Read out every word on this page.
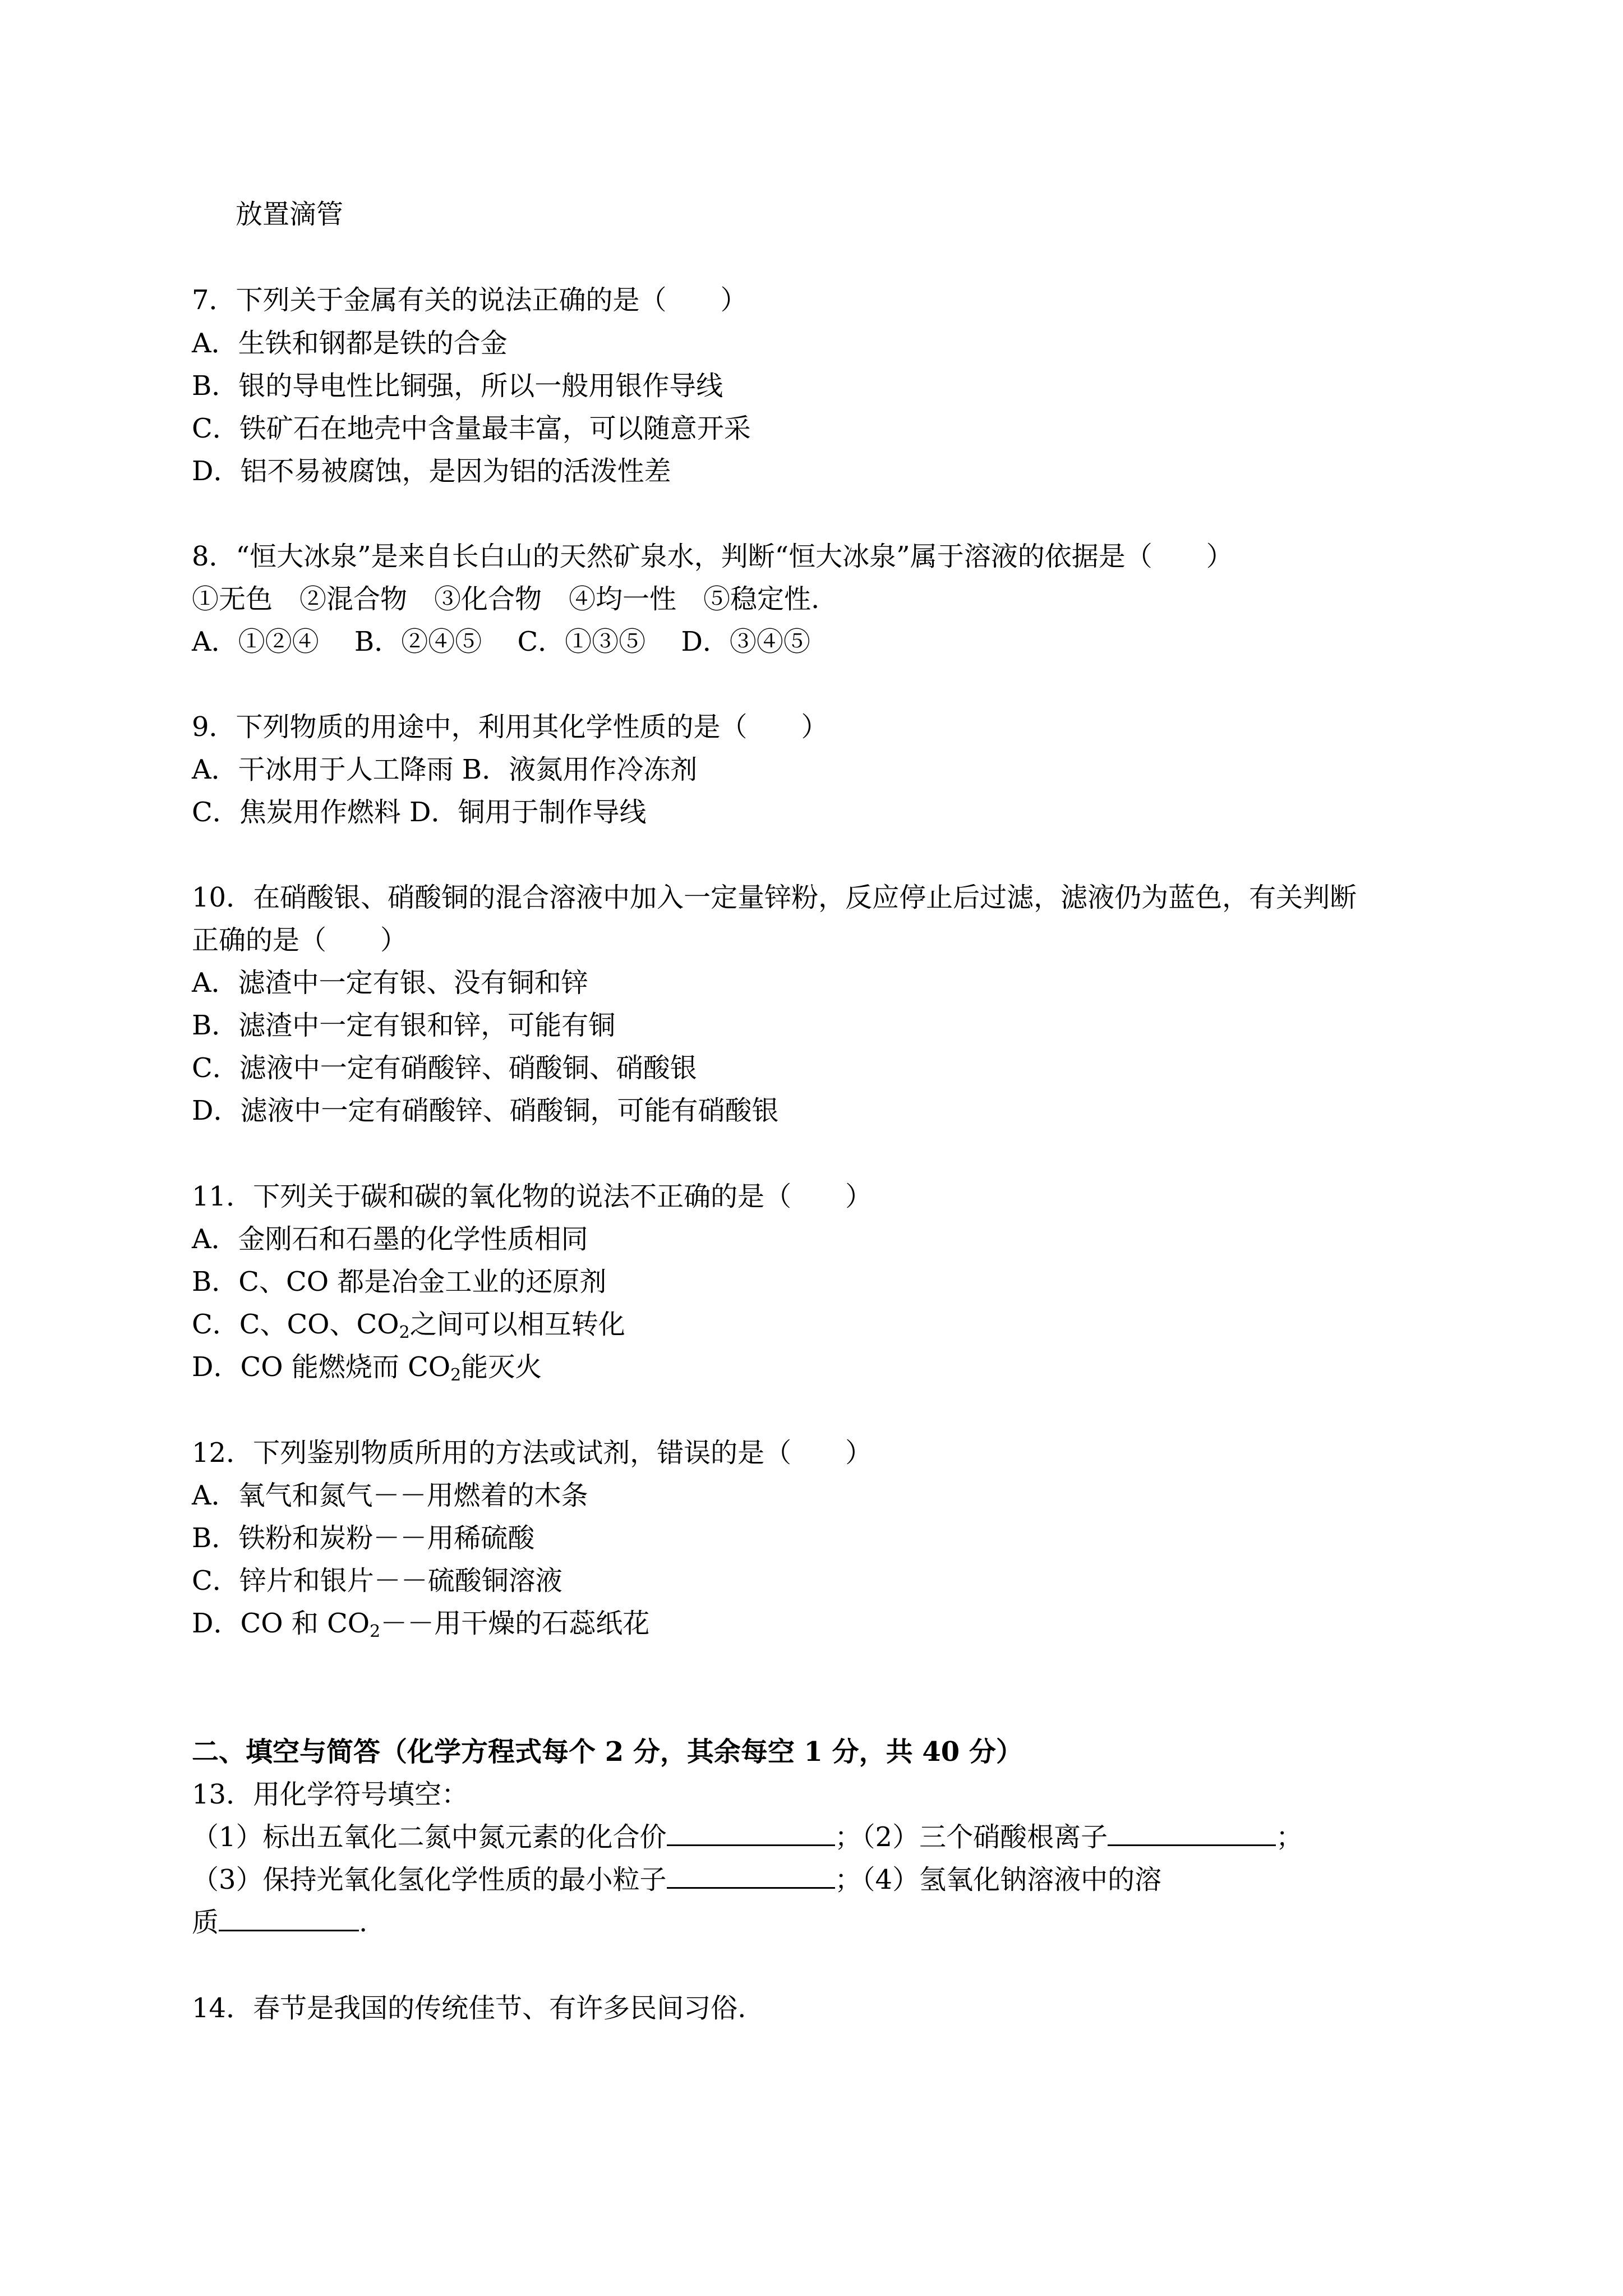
放置滴管
7．下列关于金属有关的说法正确的是（　　）
A．生铁和钢都是铁的合金
B．银的导电性比铜强，所以一般用银作导线
C．铁矿石在地壳中含量最丰富，可以随意开采
D．铝不易被腐蚀，是因为铝的活泼性差
8．“恒大冰泉”是来自长白山的天然矿泉水，判断“恒大冰泉”属于溶液的依据是（　　）
①无色　②混合物　③化合物　④均一性　⑤稳定性.
A．①②④　 B．②④⑤　 C．①③⑤　 D．③④⑤
9．下列物质的用途中，利用其化学性质的是（　　）
A．干冰用于人工降雨 B．液氮用作冷冻剂
C．焦炭用作燃料 D．铜用于制作导线
10．在硝酸银、硝酸铜的混合溶液中加入一定量锌粉，反应停止后过滤，滤液仍为蓝色，有关判断
正确的是（　　）
A．滤渣中一定有银、没有铜和锌
B．滤渣中一定有银和锌，可能有铜
C．滤液中一定有硝酸锌、硝酸铜、硝酸银
D．滤液中一定有硝酸锌、硝酸铜，可能有硝酸银
11．下列关于碳和碳的氧化物的说法不正确的是（　　）
A．金刚石和石墨的化学性质相同
B．C、CO 都是冶金工业的还原剂
C．C、CO、$CO_2$之间可以相互转化
D．CO 能燃烧而 $CO_2$能灭火
12．下列鉴别物质所用的方法或试剂，错误的是（　　）
A．氧气和氮气－－用燃着的木条
B．铁粉和炭粉－－用稀硫酸
C．锌片和银片－－硫酸铜溶液
D．CO 和 $CO_2--$用干燥的石蕊纸花
二、填空与简答（化学方程式每个 2 分，其余每空 1 分，共 40 分）
13．用化学符号填空：
（1）标出五氧化二氮中氮元素的化合价	；（2）三个硝酸根离子	；
（3）保持光氧化氢化学性质的最小粒子	；（4）氢氧化钠溶液中的溶
质	.
14．春节是我国的传统佳节、有许多民间习俗.
